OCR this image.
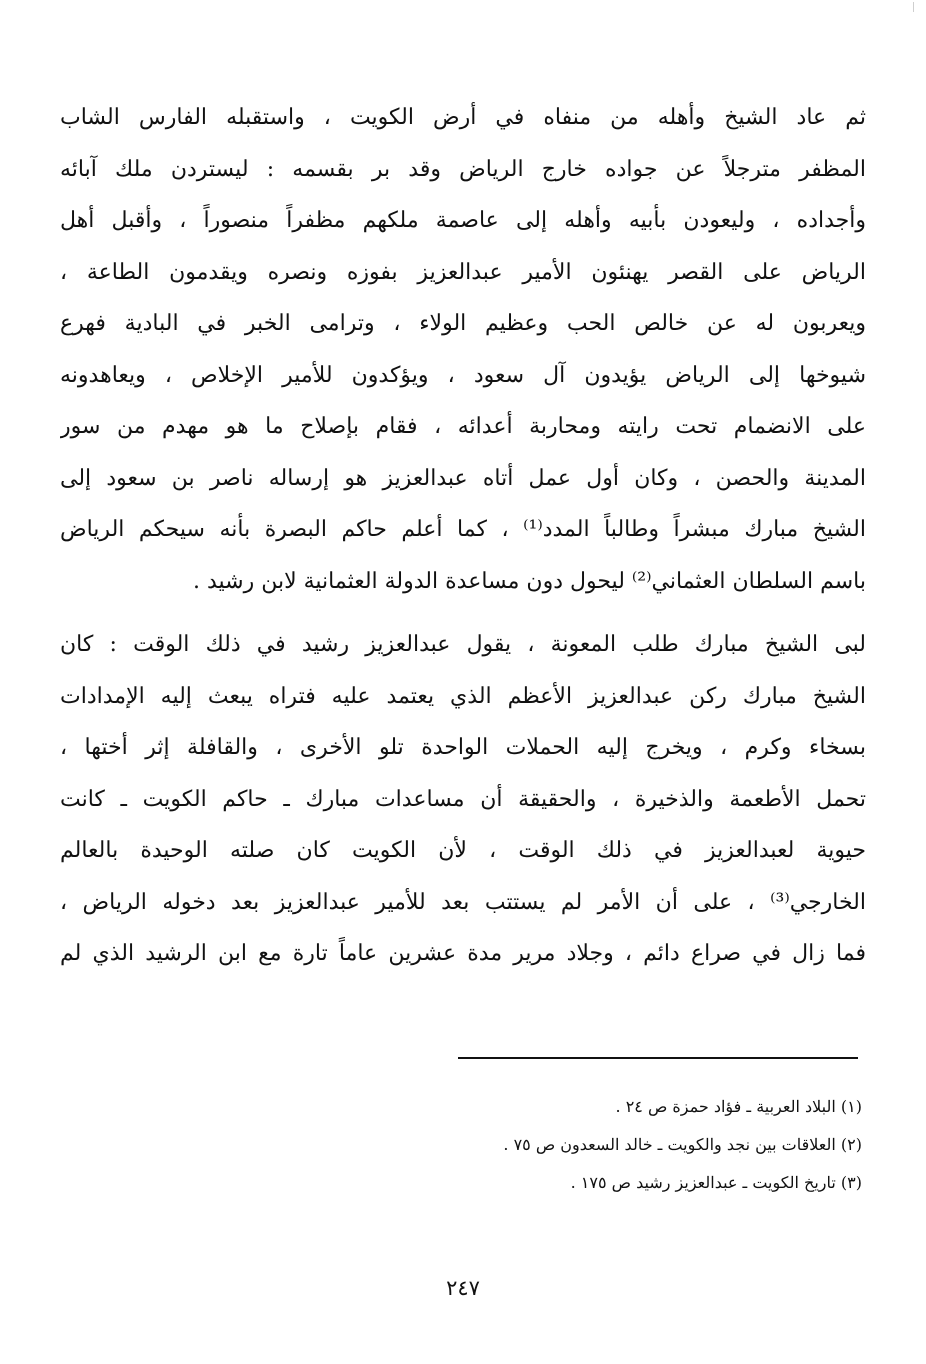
ثم عاد الشيخ وأهله من منفاه في أرض الكويت ، واستقبله الفارس الشاب
المظفر مترجلاً عن جواده خارج الرياض وقد بر بقسمه : ليستردن ملك آبائه
وأجداده ، وليعودن بأبيه وأهله إلى عاصمة ملكهم مظفراً منصوراً ، وأقبل أهل
الرياض على القصر يهنئون الأمير عبدالعزيز بفوزه ونصره ويقدمون الطاعة ،
ويعربون له عن خالص الحب وعظيم الولاء ، وترامى الخبر في البادية فهرع
شيوخها إلى الرياض يؤيدون آل سعود ، ويؤكدون للأمير الإخلاص ، ويعاهدونه
على الانضمام تحت رايته ومحاربة أعدائه ، فقام بإصلاح ما هو مهدم من سور
المدينة والحصن ، وكان أول عمل أتاه عبدالعزيز هو إرساله ناصر بن سعود إلى
الشيخ مبارك مبشراً وطالباً المدد⁽¹⁾ ، كما أعلم حاكم البصرة بأنه سيحكم الرياض
باسم السلطان العثماني⁽²⁾ ليحول دون مساعدة الدولة العثمانية لابن رشيد .
لبى الشيخ مبارك طلب المعونة ، يقول عبدالعزيز رشيد في ذلك الوقت : كان
الشيخ مبارك ركن عبدالعزيز الأعظم الذي يعتمد عليه فتراه يبعث إليه الإمدادات
بسخاء وكرم ، ويخرج إليه الحملات الواحدة تلو الأخرى ، والقافلة إثر أختها ،
تحمل الأطعمة والذخيرة ، والحقيقة أن مساعدات مبارك ـ حاكم الكويت ـ كانت
حيوية لعبدالعزيز في ذلك الوقت ، لأن الكويت كان صلته الوحيدة بالعالم
الخارجي⁽³⁾ ، على أن الأمر لم يستتب بعد للأمير عبدالعزيز بعد دخوله الرياض ،
فما زال في صراع دائم ، وجلاد مرير مدة عشرين عاماً تارة مع ابن الرشيد الذي لم
(١) البلاد العربية ـ فؤاد حمزة ص ٢٤ .
(٢) العلاقات بين نجد والكويت ـ خالد السعدون ص ٧٥ .
(٣) تاريخ الكويت ـ عبدالعزيز رشيد ص ١٧٥ .
٢٤٧
